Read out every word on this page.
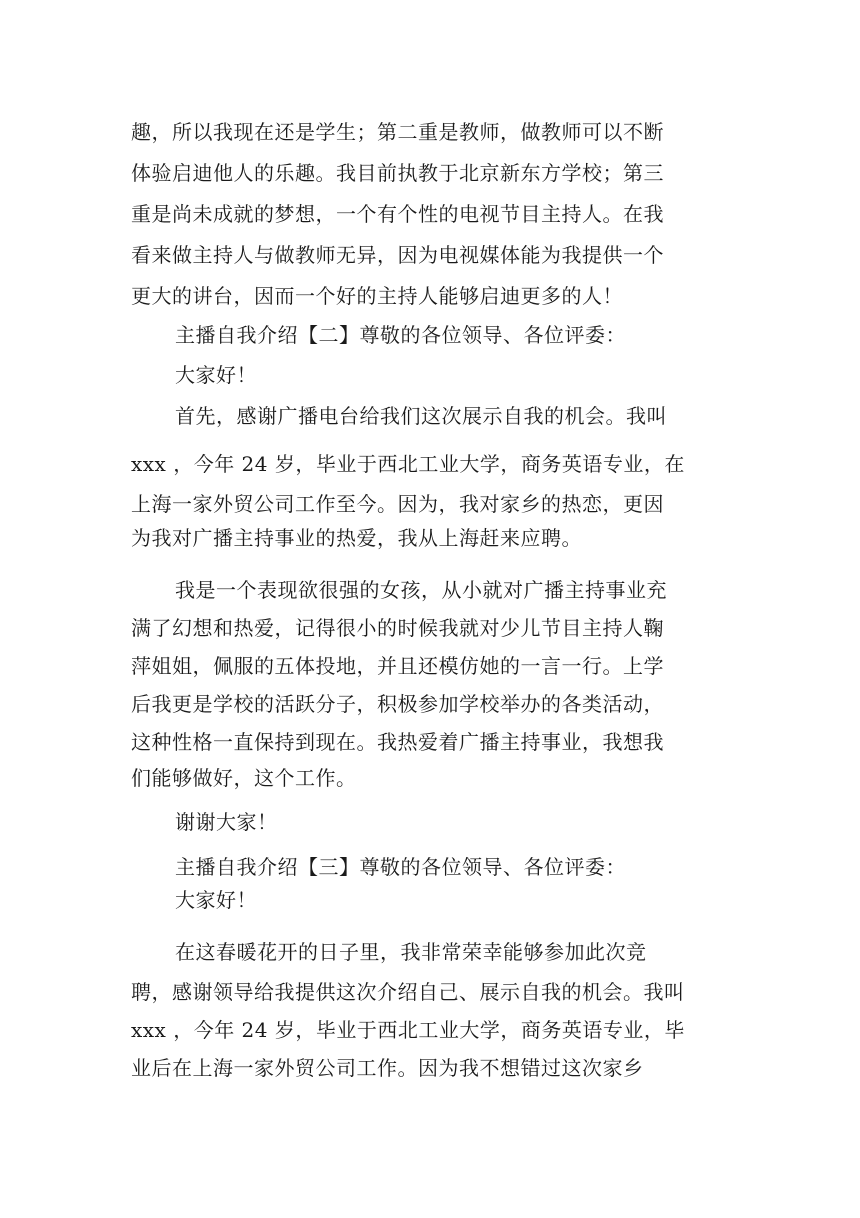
趣，所以我现在还是学生；第二重是教师，做教师可以不断
体验启迪他人的乐趣。我目前执教于北京新东方学校；第三
重是尚未成就的梦想，一个有个性的电视节目主持人。在我
看来做主持人与做教师无异，因为电视媒体能为我提供一个
更大的讲台，因而一个好的主持人能够启迪更多的人！
主播自我介绍【二】尊敬的各位领导、各位评委：
大家好！
首先，感谢广播电台给我们这次展示自我的机会。我叫
xxx ，今年 24 岁，毕业于西北工业大学，商务英语专业，在
上海一家外贸公司工作至今。因为，我对家乡的热恋，更因
为我对广播主持事业的热爱，我从上海赶来应聘。
我是一个表现欲很强的女孩，从小就对广播主持事业充
满了幻想和热爱，记得很小的时候我就对少儿节目主持人鞠
萍姐姐，佩服的五体投地，并且还模仿她的一言一行。上学
后我更是学校的活跃分子，积极参加学校举办的各类活动，
这种性格一直保持到现在。我热爱着广播主持事业，我想我
们能够做好，这个工作。
谢谢大家！
主播自我介绍【三】尊敬的各位领导、各位评委：
大家好！
在这春暖花开的日子里，我非常荣幸能够参加此次竞
聘，感谢领导给我提供这次介绍自己、展示自我的机会。我叫
xxx ，今年 24 岁，毕业于西北工业大学，商务英语专业，毕
业后在上海一家外贸公司工作。因为我不想错过这次家乡
